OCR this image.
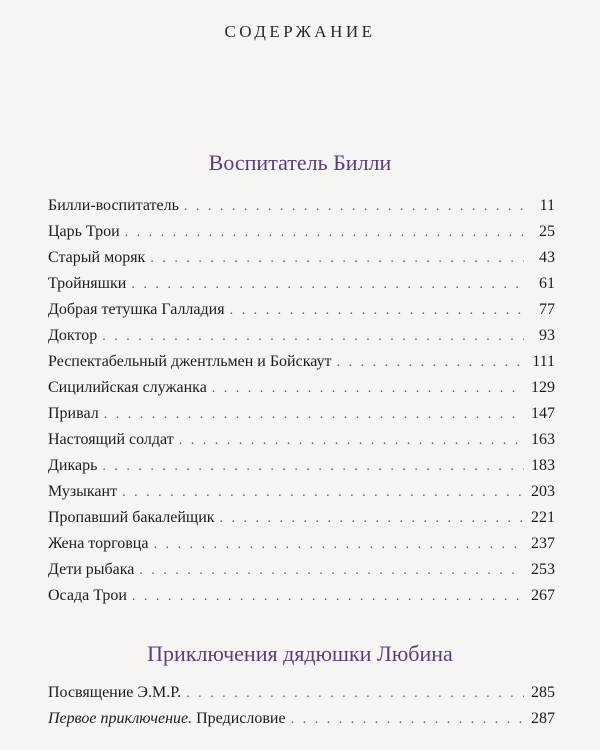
СОДЕРЖАНИЕ
Воспитатель Билли
Билли-воспитатель . . .	11
Царь Трои . . .	25
Старый моряк . . .	43
Тройняшки . . .	61
Добрая тетушка Галладия . . .	77
Доктор . . .	93
Респектабельный джентльмен и Бойскаут . . .	111
Сицилийская служанка . . .	129
Привал . . .	147
Настоящий солдат . . .	163
Дикарь . . .	183
Музыкант . . .	203
Пропавший бакалейщик . . .	221
Жена торговца . . .	237
Дети рыбака . . .	253
Осада Трои . . .	267
Приключения дядюшки Любина
Посвящение Э.М.Р. . . .	285
Первое приключение. Предисловие . . .	287
